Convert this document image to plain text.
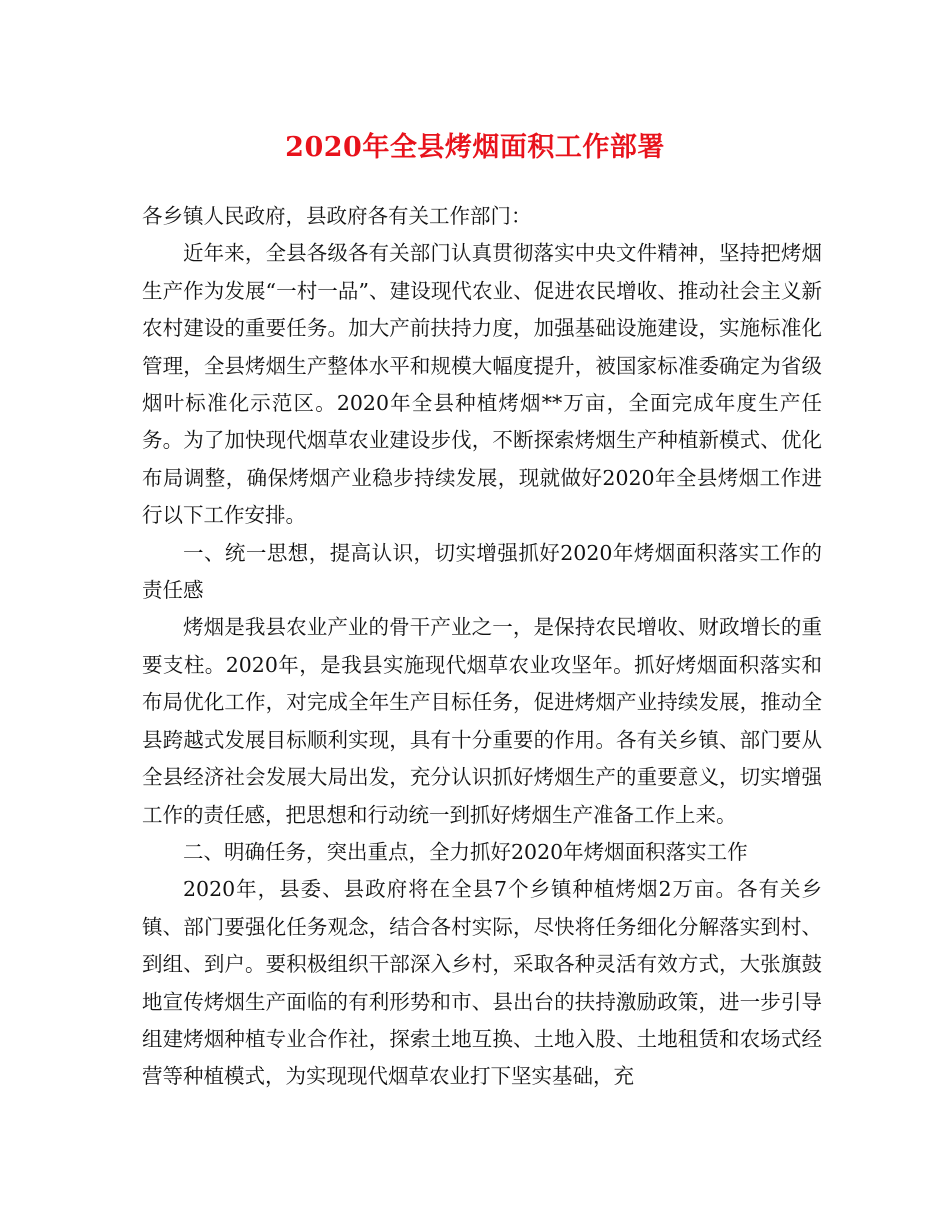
2020年全县烤烟面积工作部署

各乡镇人民政府，县政府各有关工作部门：

近年来，全县各级各有关部门认真贯彻落实中央文件精神，坚持把烤烟生产作为发展“一村一品”、建设现代农业、促进农民增收、推动社会主义新农村建设的重要任务。加大产前扶持力度，加强基础设施建设，实施标准化管理，全县烤烟生产整体水平和规模大幅度提升，被国家标准委确定为省级烟叶标准化示范区。2020年全县种植烤烟**万亩，全面完成年度生产任务。为了加快现代烟草农业建设步伐，不断探索烤烟生产种植新模式、优化布局调整，确保烤烟产业稳步持续发展，现就做好2020年全县烤烟工作进行以下工作安排。

一、统一思想，提高认识，切实增强抓好2020年烤烟面积落实工作的责任感

烤烟是我县农业产业的骨干产业之一，是保持农民增收、财政增长的重要支柱。2020年，是我县实施现代烟草农业攻坚年。抓好烤烟面积落实和布局优化工作，对完成全年生产目标任务，促进烤烟产业持续发展，推动全县跨越式发展目标顺利实现，具有十分重要的作用。各有关乡镇、部门要从全县经济社会发展大局出发，充分认识抓好烤烟生产的重要意义，切实增强工作的责任感，把思想和行动统一到抓好烤烟生产准备工作上来。

二、明确任务，突出重点，全力抓好2020年烤烟面积落实工作

2020年，县委、县政府将在全县7个乡镇种植烤烟2万亩。各有关乡镇、部门要强化任务观念，结合各村实际，尽快将任务细化分解落实到村、到组、到户。要积极组织干部深入乡村，采取各种灵活有效方式，大张旗鼓地宣传烤烟生产面临的有利形势和市、县出台的扶持激励政策，进一步引导组建烤烟种植专业合作社，探索土地互换、土地入股、土地租赁和农场式经营等种植模式，为实现现代烟草农业打下坚实基础，充
